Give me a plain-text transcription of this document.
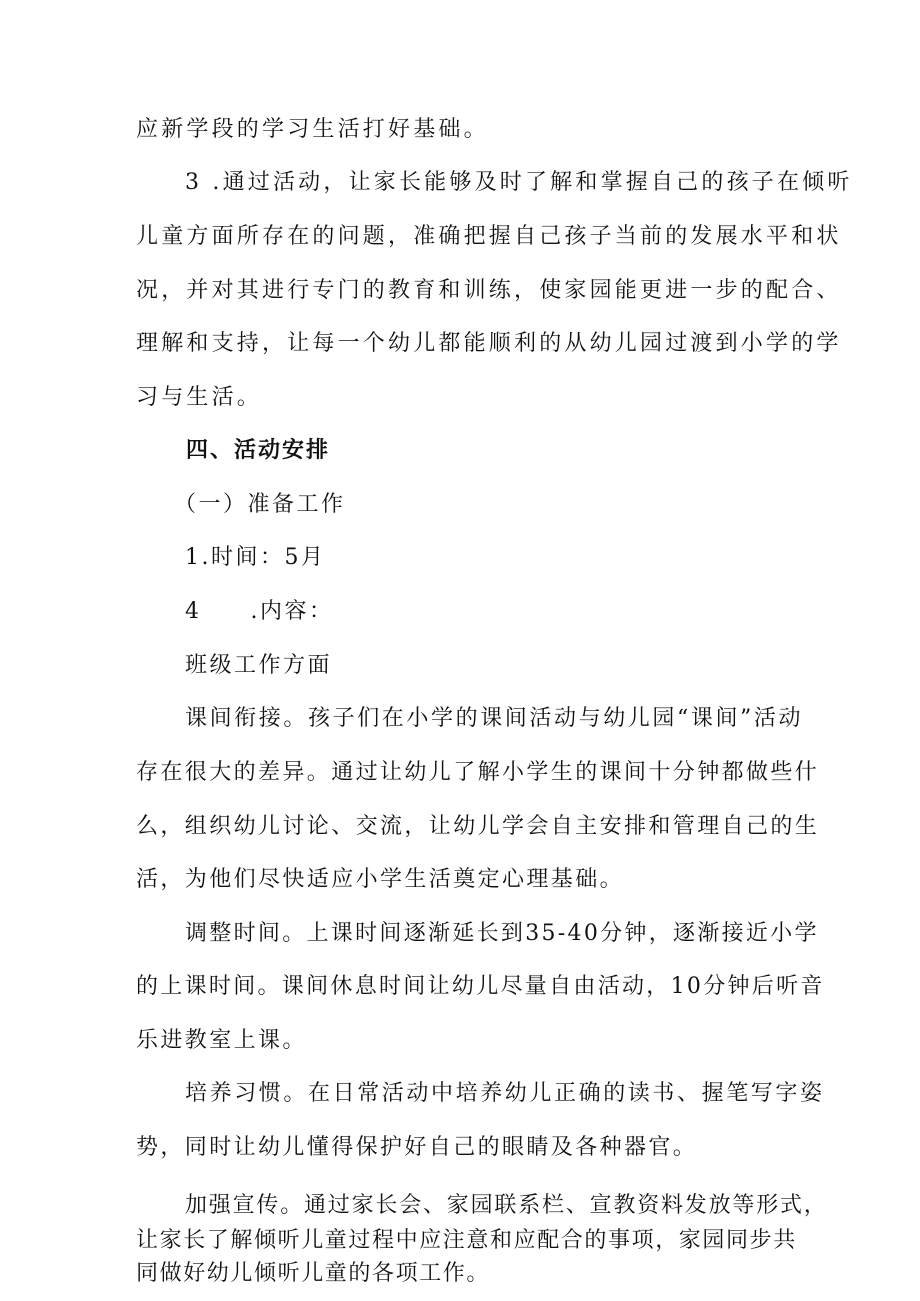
应新学段的学习生活打好基础。
3 .通过活动，让家长能够及时了解和掌握自己的孩子在倾听
儿童方面所存在的问题，准确把握自己孩子当前的发展水平和状
况，并对其进行专门的教育和训练，使家园能更进一步的配合、
理解和支持，让每一个幼儿都能顺利的从幼儿园过渡到小学的学
习与生活。
四、活动安排
（一）准备工作
1.时间：5月
4　　.内容：
班级工作方面
课间衔接。孩子们在小学的课间活动与幼儿园“课间”活动
存在很大的差异。通过让幼儿了解小学生的课间十分钟都做些什
么，组织幼儿讨论、交流，让幼儿学会自主安排和管理自己的生
活，为他们尽快适应小学生活奠定心理基础。
调整时间。上课时间逐渐延长到35-40分钟，逐渐接近小学
的上课时间。课间休息时间让幼儿尽量自由活动，10分钟后听音
乐进教室上课。
培养习惯。在日常活动中培养幼儿正确的读书、握笔写字姿
势，同时让幼儿懂得保护好自己的眼睛及各种器官。
加强宣传。通过家长会、家园联系栏、宣教资料发放等形式，
让家长了解倾听儿童过程中应注意和应配合的事项，家园同步共
同做好幼儿倾听儿童的各项工作。
